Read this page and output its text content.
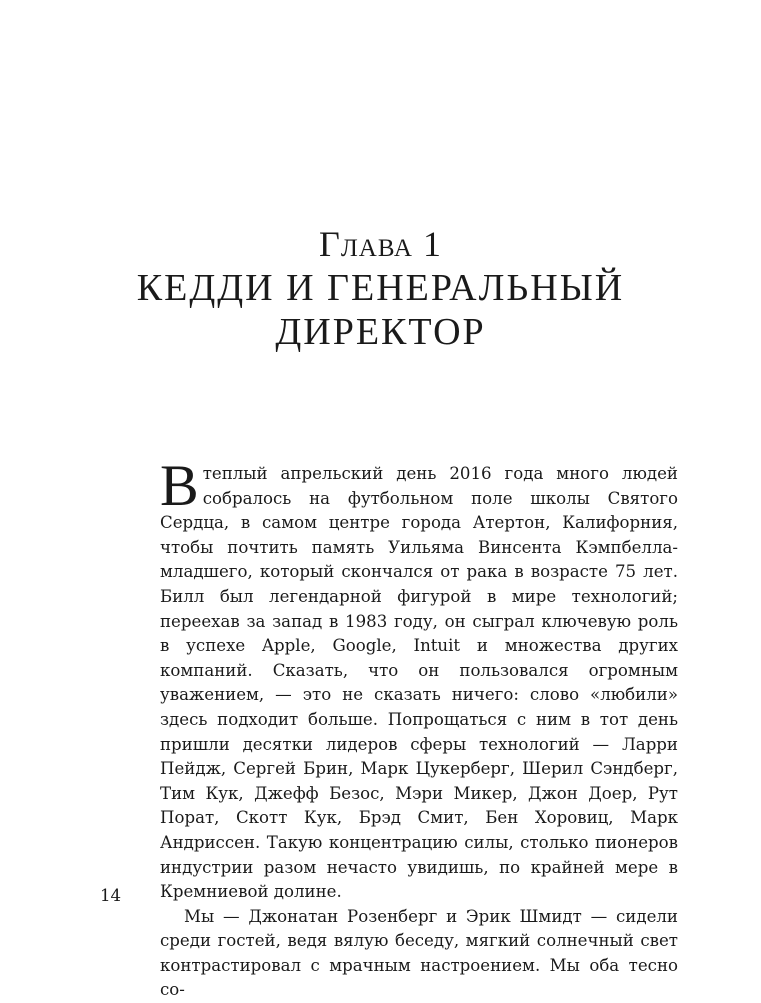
Глава 1
КЕДДИ И ГЕНЕРАЛЬНЫЙ
ДИРЕКТОР

В теплый апрельский день 2016 года много людей собралось на футбольном поле школы Святого Сердца, в самом центре города Атертон, Калифорния, чтобы почтить память Уильяма Винсента Кэмпбелла-младшего, который скончался от рака в возрасте 75 лет. Билл был легендарной фигурой в мире технологий; переехав за запад в 1983 году, он сыграл ключевую роль в успехе Apple, Google, Intuit и множества других компаний. Сказать, что он пользовался огромным уважением, — это не сказать ничего: слово «любили» здесь подходит больше. Попрощаться с ним в тот день пришли десятки лидеров сферы технологий — Ларри Пейдж, Сергей Брин, Марк Цукерберг, Шерил Сэндберг, Тим Кук, Джефф Безос, Мэри Микер, Джон Доер, Рут Порат, Скотт Кук, Брэд Смит, Бен Хоровиц, Марк Андриссен. Такую концентрацию силы, столько пионеров индустрии разом нечасто увидишь, по крайней мере в Кремниевой долине.

Мы — Джонатан Розенберг и Эрик Шмидт — сидели среди гостей, ведя вялую беседу, мягкий солнечный свет контрастировал с мрачным настроением. Мы оба тесно со-

14
